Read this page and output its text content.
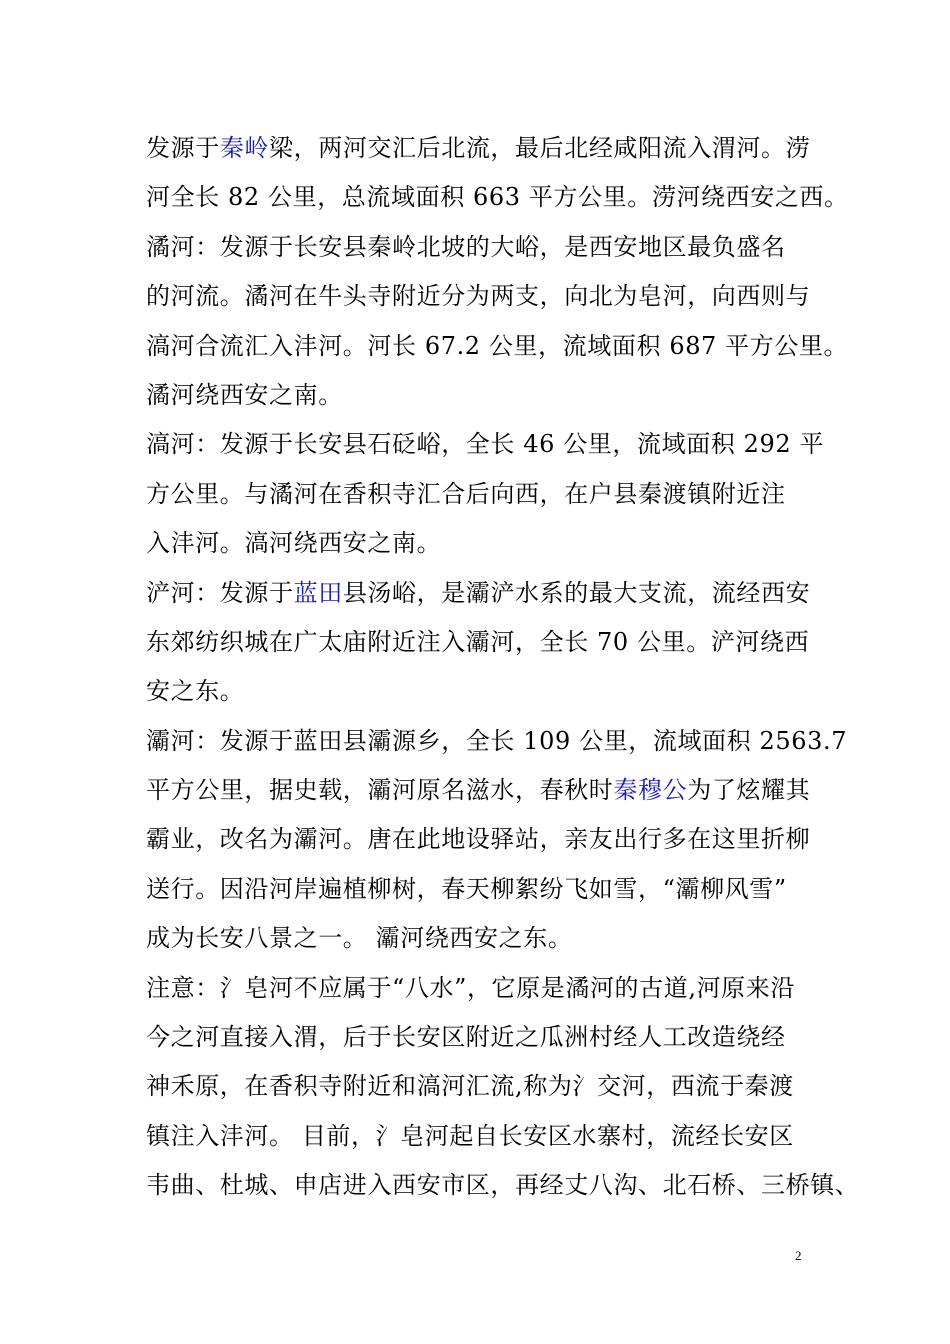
发源于秦岭梁，两河交汇后北流，最后北经咸阳流入渭河。涝
河全长 82 公里，总流域面积 663 平方公里。涝河绕西安之西。
潏河：发源于长安县秦岭北坡的大峪，是西安地区最负盛名
的河流。潏河在牛头寺附近分为两支，向北为皂河，向西则与
滈河合流汇入沣河。河长 67.2 公里，流域面积 687 平方公里。
潏河绕西安之南。
滈河：发源于长安县石砭峪，全长 46 公里，流域面积 292 平
方公里。与潏河在香积寺汇合后向西，在户县秦渡镇附近注
入沣河。滈河绕西安之南。
浐河：发源于蓝田县汤峪，是灞浐水系的最大支流，流经西安
东郊纺织城在广太庙附近注入灞河，全长 70 公里。浐河绕西
安之东。
灞河：发源于蓝田县灞源乡，全长 109 公里，流域面积 2563.7
平方公里，据史载，灞河原名滋水，春秋时秦穆公为了炫耀其
霸业，改名为灞河。唐在此地设驿站，亲友出行多在这里折柳
送行。因沿河岸遍植柳树，春天柳絮纷飞如雪，“灞柳风雪”
成为长安八景之一。 灞河绕西安之东。
注意：氵皂河不应属于“八水”，它原是潏河的古道,河原来沿
今之河直接入渭，后于长安区附近之瓜洲村经人工改造绕经
神禾原，在香积寺附近和滈河汇流,称为氵交河，西流于秦渡
镇注入沣河。 目前，氵皂河起自长安区水寨村，流经长安区
韦曲、杜城、申店进入西安市区，再经丈八沟、北石桥、三桥镇、
2
